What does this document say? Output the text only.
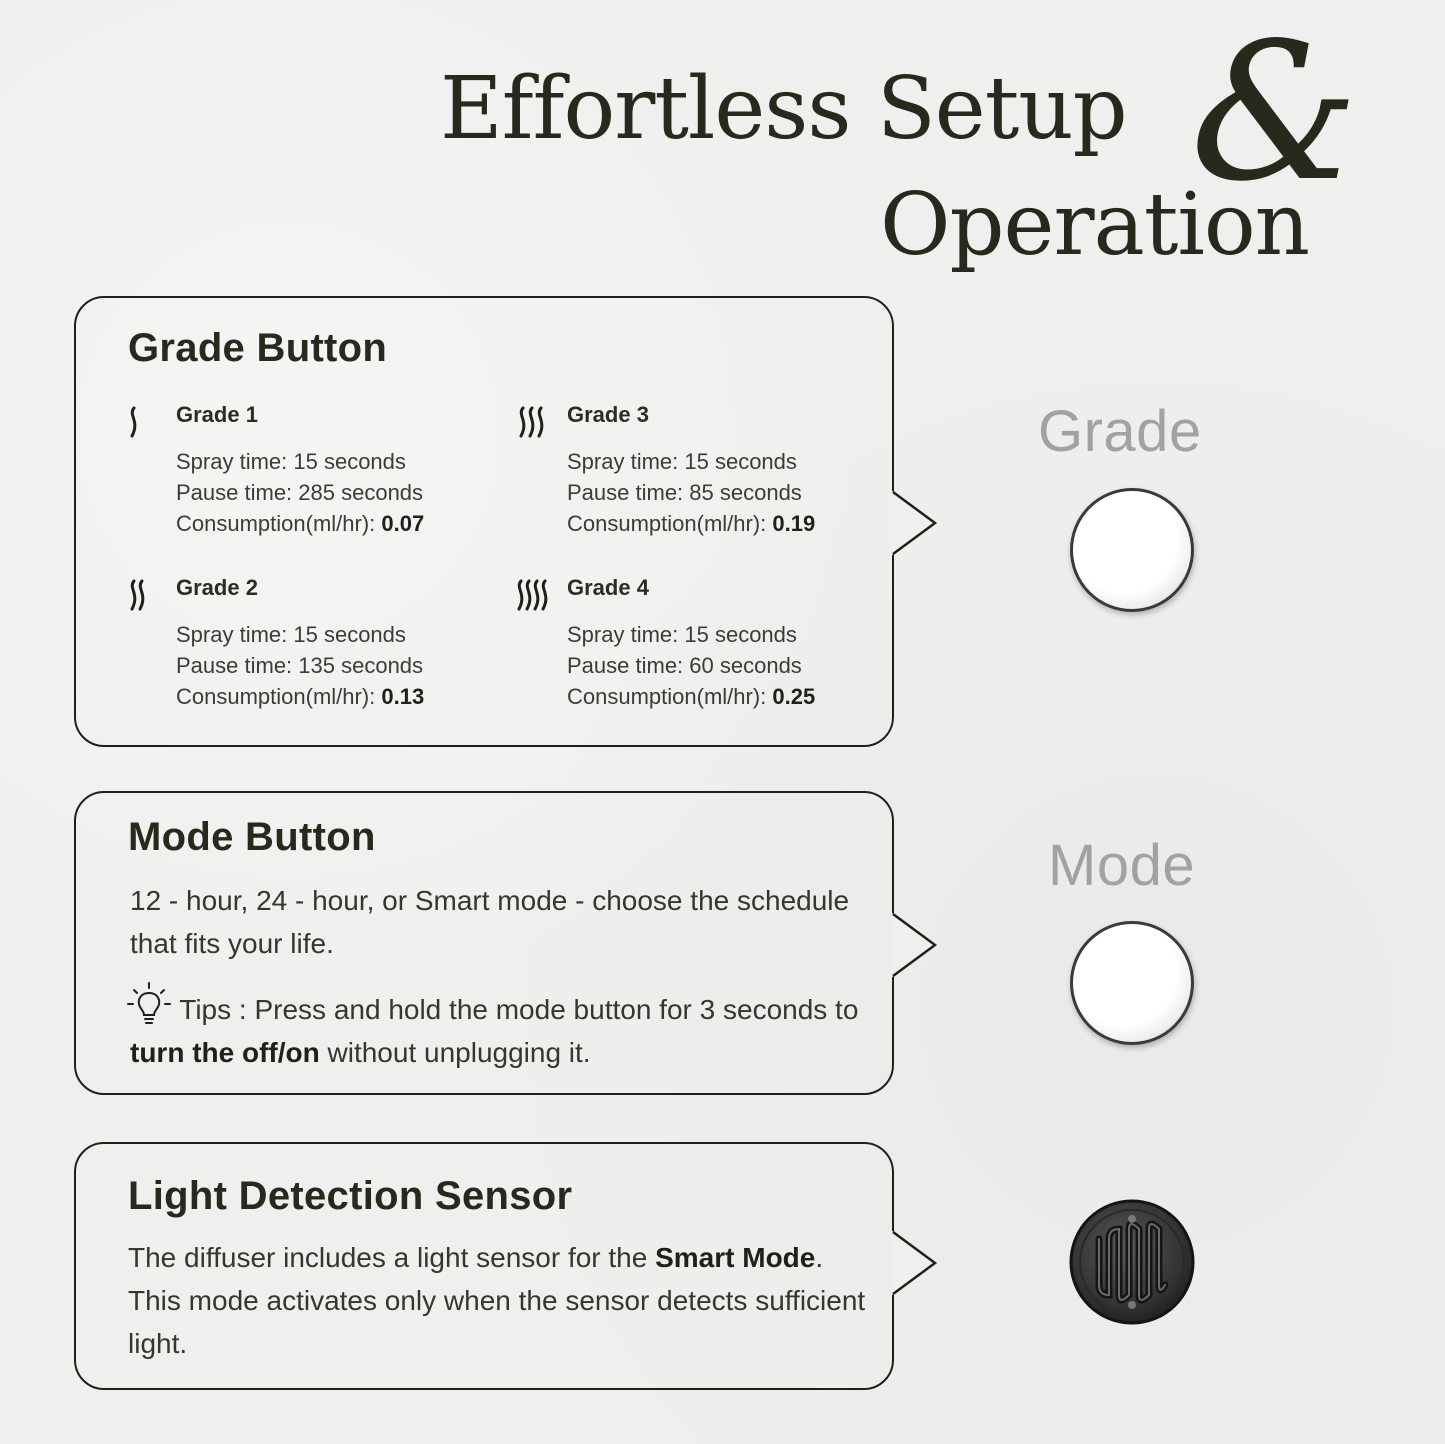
Effortless Setup &
Operation
Grade Button

Grade 1

Spray time: 15 seconds
Pause time: 285 seconds
Consumption(ml/hr): 0.07

Grade 2

Spray time: 15 seconds
Pause time: 135 seconds
Consumption(ml/hr): 0.13

Grade 3

Spray time: 15 seconds
Pause time: 85 seconds
Consumption(ml/hr): 0.19

Grade 4

Spray time: 15 seconds
Pause time: 60 seconds
Consumption(ml/hr): 0.25
Mode Button
12 - hour, 24 - hour, or Smart mode - choose the schedule that fits your life.
Tips : Press and hold the mode button for 3 seconds to turn the off/on without unplugging it.
Light Detection Sensor
The diffuser includes a light sensor for the Smart Mode. This mode activates only when the sensor detects sufficient light.
Grade
Mode
